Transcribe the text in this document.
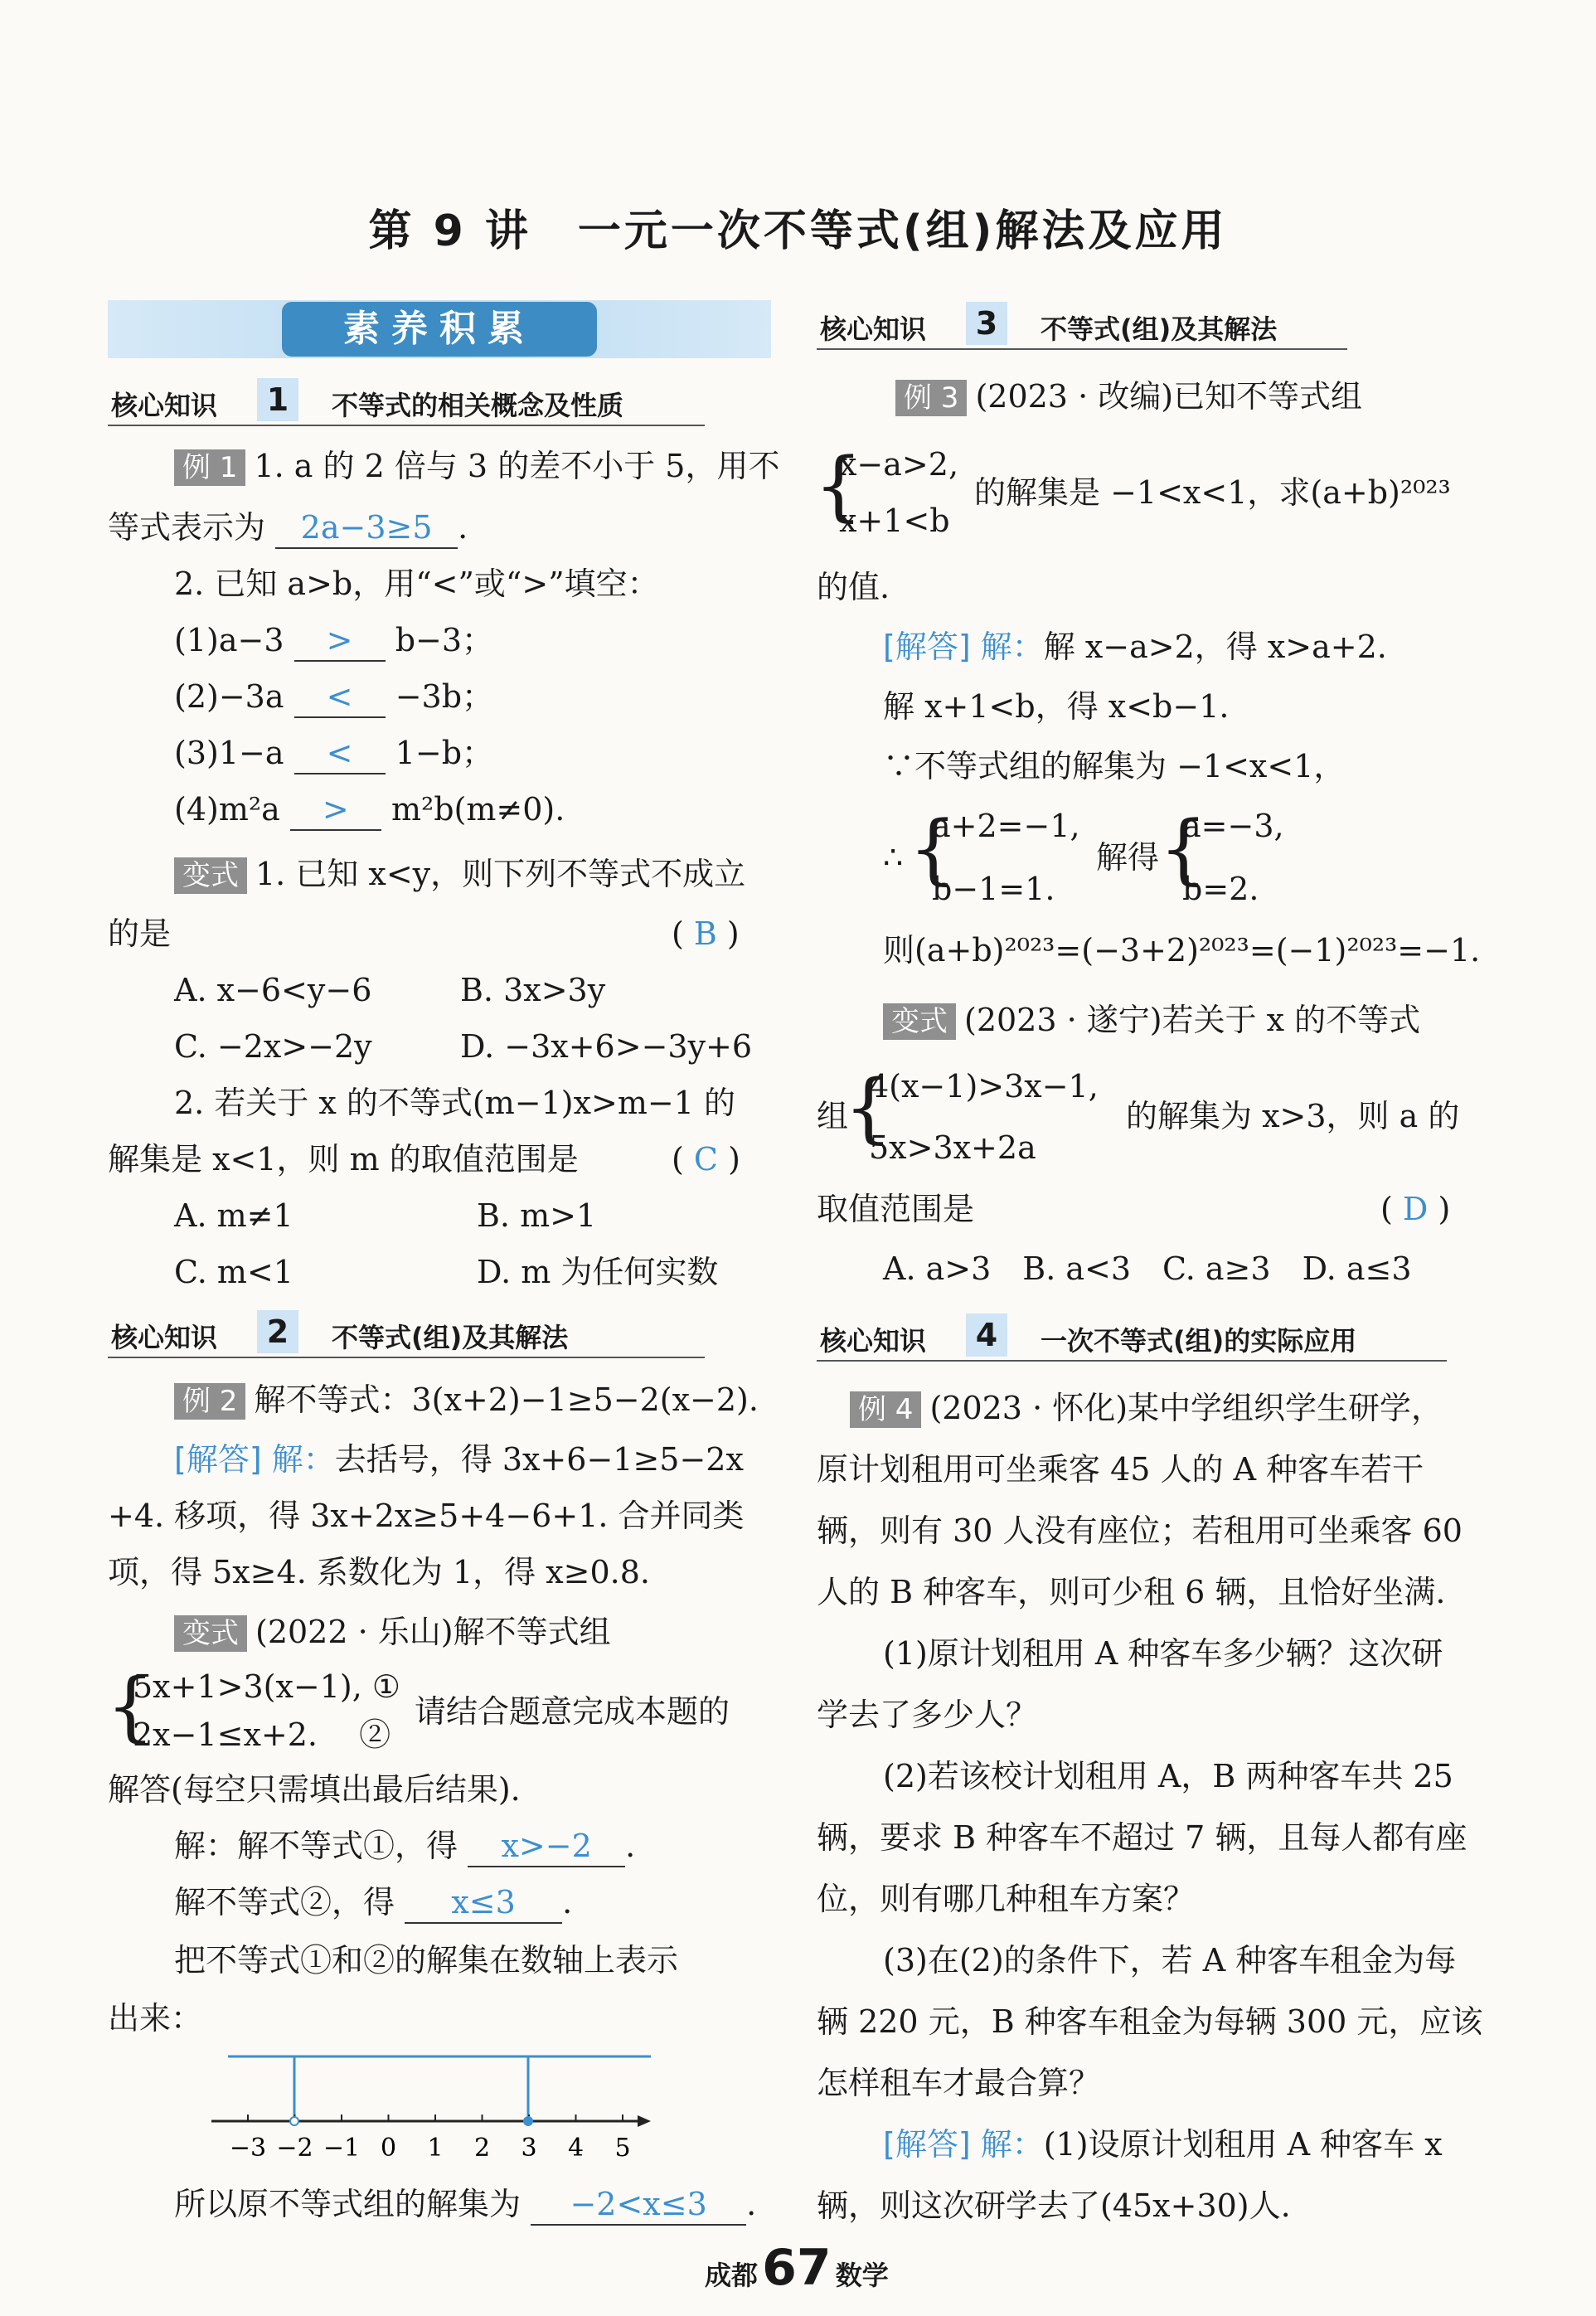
第 9 讲　一元一次不等式(组)解法及应用
素养积累
核心知识	1	不等式的相关概念及性质
例 1 1. a 的 2 倍与 3 的差不小于 5，用不
等式表示为 2a−3≥5 .
2. 已知 a>b，用“<”或“>”填空：
(1)a−3 > b−3；
(2)−3a < −3b；
(3)1−a < 1−b；
(4)m²a > m²b(m≠0).
变式 1. 已知 x<y，则下列不等式不成立
的是	( B )
A. x−6<y−6	B. 3x>3y
C. −2x>−2y	D. −3x+6>−3y+6
2. 若关于 x 的不等式(m−1)x>m−1 的
解集是 x<1，则 m 的取值范围是	( C )
A. m≠1	B. m>1
C. m<1	D. m 为任何实数
核心知识	2	不等式(组)及其解法
例 2 解不等式：3(x+2)−1≥5−2(x−2).
[解答] 解：去括号，得 3x+6−1≥5−2x
+4. 移项，得 3x+2x≥5+4−6+1. 合并同类
项，得 5x≥4. 系数化为 1，得 x≥0.8.
变式 (2022 · 乐山)解不等式组
{
5x+1>3(x−1), ①
2x−1≤x+2.　 ②
请结合题意完成本题的
解答(每空只需填出最后结果).
解：解不等式①，得 x>−2 .
解不等式②，得 x≤3 .
把不等式①和②的解集在数轴上表示
出来：
−3 −2 −1 0 1 2 3 4 5
所以原不等式组的解集为 −2<x≤3 .
核心知识	3	不等式(组)及其解法
例 3 (2023 · 改编)已知不等式组
{
x−a>2,
x+1<b
的解集是 −1<x<1，求(a+b)²⁰²³
的值.
[解答] 解：解 x−a>2，得 x>a+2.
解 x+1<b，得 x<b−1.
∵不等式组的解集为 −1<x<1，
∴ {
a+2=−1,
b−1=1.
解得 {
a=−3,
b=2.
则(a+b)²⁰²³=(−3+2)²⁰²³=(−1)²⁰²³=−1.
变式 (2023 · 遂宁)若关于 x 的不等式
组
{
4(x−1)>3x−1,
5x>3x+2a
的解集为 x>3，则 a 的
取值范围是	( D )
A. a>3　B. a<3　C. a≥3　D. a≤3
核心知识	4	一次不等式(组)的实际应用
例 4 (2023 · 怀化)某中学组织学生研学，
原计划租用可坐乘客 45 人的 A 种客车若干
辆，则有 30 人没有座位；若租用可坐乘客 60
人的 B 种客车，则可少租 6 辆，且恰好坐满.
(1)原计划租用 A 种客车多少辆？这次研
学去了多少人？
(2)若该校计划租用 A，B 两种客车共 25
辆，要求 B 种客车不超过 7 辆，且每人都有座
位，则有哪几种租车方案？
(3)在(2)的条件下，若 A 种客车租金为每
辆 220 元，B 种客车租金为每辆 300 元，应该
怎样租车才最合算？
[解答] 解：(1)设原计划租用 A 种客车 x
辆，则这次研学去了(45x+30)人.
成都 67 数学
